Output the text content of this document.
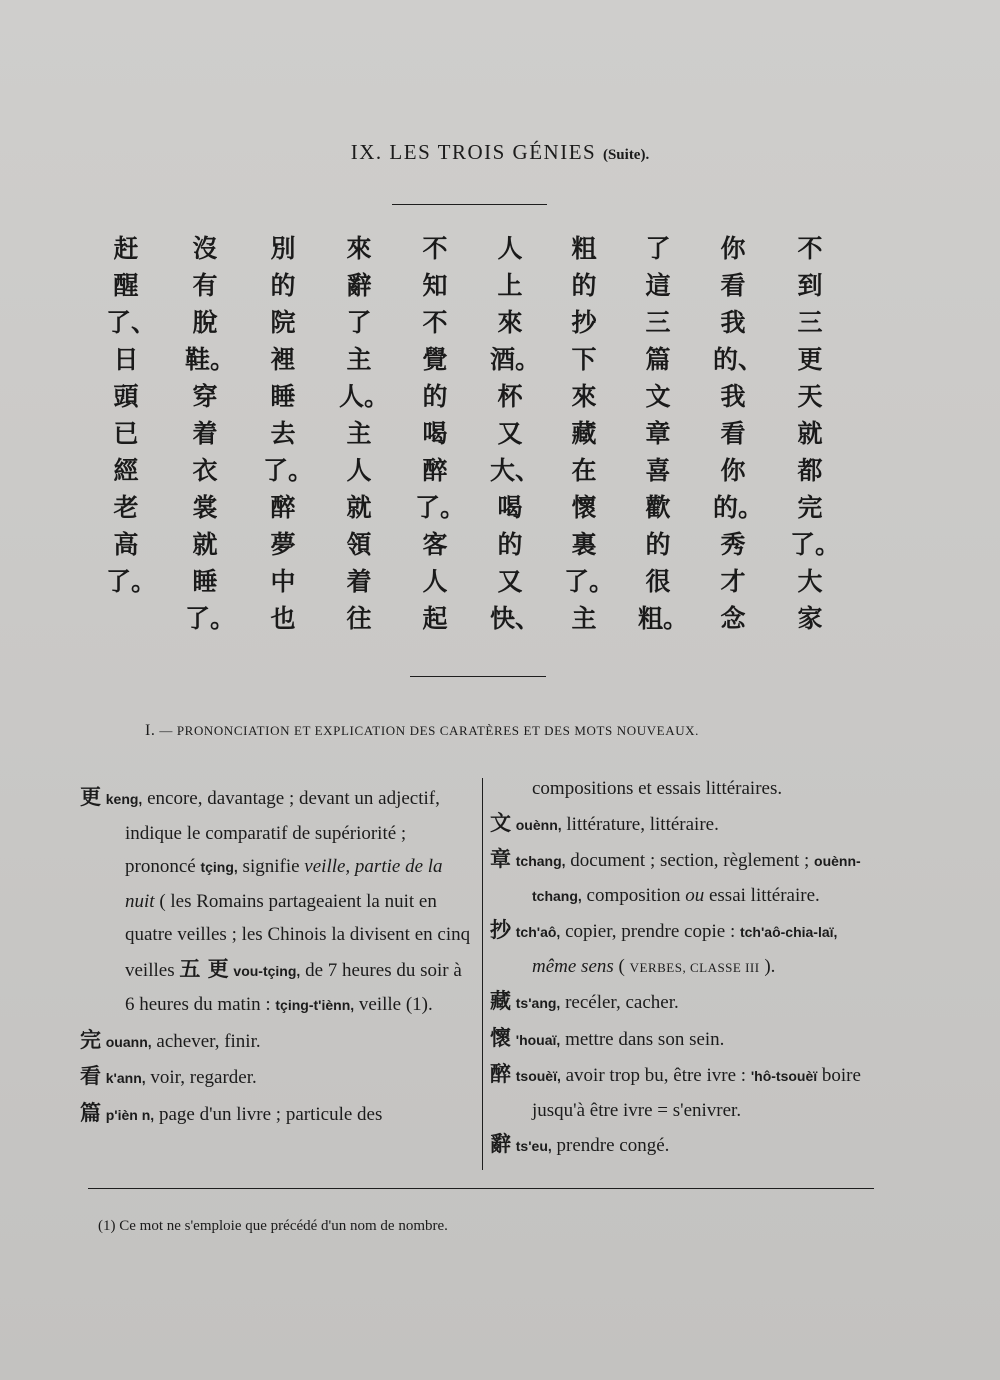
IX. LES TROIS GÉNIES (Suite).
不
到
三
更
天
就
都
完
了。
大
家
你
看
我
的、
我
看
你
的。
秀
才
念
了
這
三
篇
文
章
喜
歡
的
很
粗。
粗
的
抄
下
來
藏
在
懷
裏
了。
主
人
上
來
酒。
杯
又
大、
喝
的
又
快、
不
知
不
覺
的
喝
醉
了。
客
人
起
來
辭
了
主
人。
主
人
就
領
着
往
別
的
院
裡
睡
去
了。
醉
夢
中
也
沒
有
脫
鞋。
穿
着
衣
裳
就
睡
了。
赶
醒
了、
日
頭
已
經
老
高
了。
I. — PRONONCIATION ET EXPLICATION DES CARATÈRES ET DES MOTS NOUVEAUX.

更 keng, encore, davantage ; devant un adjectif, indique le comparatif de supériorité ; prononcé tçing, signifie veille, partie de la nuit ( les Romains partageaient la nuit en quatre veilles ; les Chinois la divisent en cinq veilles 五 更 vou-tçing, de 7 heures du soir à 6 heures du matin : tçing-t'iènn, veille (1).

完 ouann, achever, finir.

看 k'ann, voir, regarder.

篇 p'ièn n, page d'un livre ; particule des

compositions et essais littéraires.

文 ouènn, littérature, littéraire.

章 tchang, document ; section, règlement ; ouènn-tchang, composition ou essai littéraire.

抄 tch'aô, copier, prendre copie : tch'aô-chia-laï, même sens ( VERBES, CLASSE III ).

藏 ts'ang, recéler, cacher.

懷 'houaï, mettre dans son sein.

醉 tsouèï, avoir trop bu, être ivre : 'hô-tsouèï boire jusqu'à être ivre = s'enivrer.

辭 ts'eu, prendre congé.

(1) Ce mot ne s'emploie que précédé d'un nom de nombre.
